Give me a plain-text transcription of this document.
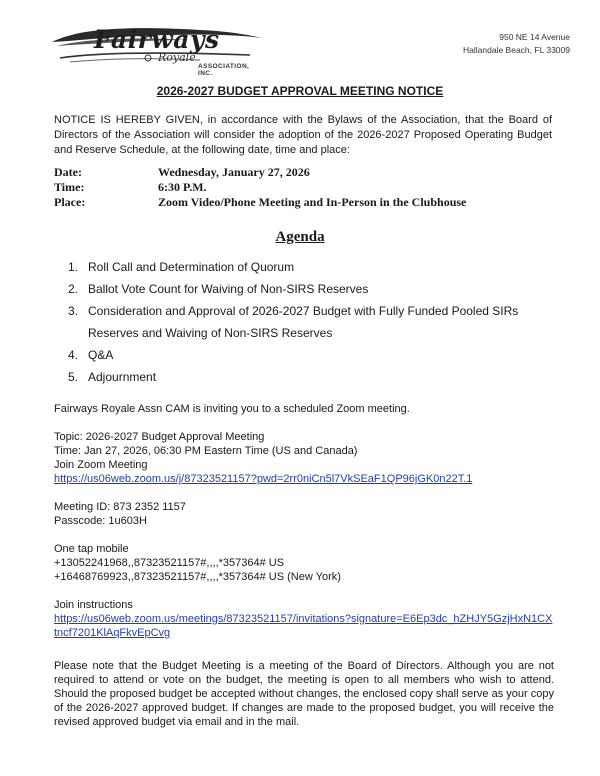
Fairways
Royale
ASSOCIATION, INC.
950 NE 14 Avenue
Hallandale Beach, FL 33009
2026-2027 BUDGET APPROVAL MEETING NOTICE
NOTICE IS HEREBY GIVEN, in accordance with the Bylaws of the Association, that the Board of Directors of the Association will consider the adoption of the 2026-2027 Proposed Operating Budget and Reserve Schedule, at the following date, time and place:
Date:	Wednesday, January 27, 2026
Time:	6:30 P.M.
Place:	Zoom Video/Phone Meeting and In-Person in the Clubhouse
Agenda
1. Roll Call and Determination of Quorum
2. Ballot Vote Count for Waiving of Non-SIRS Reserves
3. Consideration and Approval of 2026-2027 Budget with Fully Funded Pooled SIRs Reserves and Waiving of Non-SIRS Reserves
4. Q&A
5. Adjournment
Fairways Royale Assn CAM is inviting you to a scheduled Zoom meeting.
Topic: 2026-2027 Budget Approval Meeting
Time: Jan 27, 2026, 06:30 PM Eastern Time (US and Canada)
Join Zoom Meeting
https://us06web.zoom.us/j/87323521157?pwd=2rr0niCn5l7VkSEaF1QP96jGK0n22T.1
Meeting ID: 873 2352 1157
Passcode: 1u603H
One tap mobile
+13052241968,,87323521157#,,,,*357364# US
+16468769923,,87323521157#,,,,*357364# US (New York)
Join instructions
https://us06web.zoom.us/meetings/87323521157/invitations?signature=E6Ep3dc_hZHJY5GzjHxN1CXtncf7201KlAqFkvEpCvg
Please note that the Budget Meeting is a meeting of the Board of Directors. Although you are not required to attend or vote on the budget, the meeting is open to all members who wish to attend. Should the proposed budget be accepted without changes, the enclosed copy shall serve as your copy of the 2026-2027 approved budget. If changes are made to the proposed budget, you will receive the revised approved budget via email and in the mail.
